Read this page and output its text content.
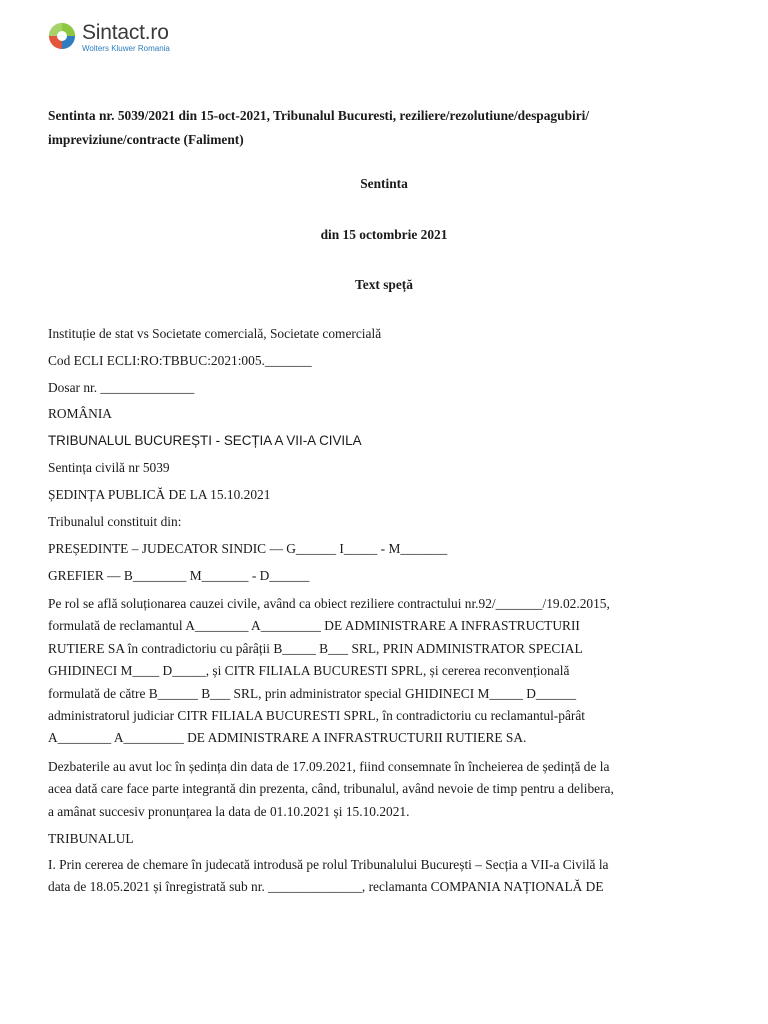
Sintact.ro
Wolters Kluwer Romania
Sentinta nr. 5039/2021 din 15-oct-2021, Tribunalul Bucuresti, reziliere/rezolutiune/despagubiri/
impreviziune/contracte (Faliment)
Sentinta
din 15 octombrie 2021
Text speță
Instituție de stat vs Societate comercială, Societate comercială
Cod ECLI ECLI:RO:TBBUC:2021:005._______
Dosar nr. ______________
ROMÂNIA
TRIBUNALUL BUCUREȘTI - SECȚIA A VII-A CIVILA
Sentința civilă nr 5039
ȘEDINȚA PUBLICĂ DE LA 15.10.2021
Tribunalul constituit din:
PREȘEDINTE – JUDECATOR SINDIC — G______ I_____ - M_______
GREFIER — B________ M_______ - D______
Pe rol se află soluționarea cauzei civile, având ca obiect reziliere contractului nr.92/_______/19.02.2015,
formulată de reclamantul A________ A_________ DE ADMINISTRARE A INFRASTRUCTURII
RUTIERE SA în contradictoriu cu pârâții B_____ B___ SRL, PRIN ADMINISTRATOR SPECIAL
GHIDINECI M____ D_____, și CITR FILIALA BUCURESTI SPRL, și cererea reconvențională
formulată de către B______ B___ SRL, prin administrator special GHIDINECI M_____ D______
administratorul judiciar CITR FILIALA BUCURESTI SPRL, în contradictoriu cu reclamantul-pârât
A________ A_________ DE ADMINISTRARE A INFRASTRUCTURII RUTIERE SA.
Dezbaterile au avut loc în ședința din data de 17.09.2021, fiind consemnate în încheierea de ședință de la
acea dată care face parte integrantă din prezenta, când, tribunalul, având nevoie de timp pentru a delibera,
a amânat succesiv pronunțarea la data de 01.10.2021 și 15.10.2021.
TRIBUNALUL
I. Prin cererea de chemare în judecată introdusă pe rolul Tribunalului București – Secția a VII-a Civilă la
data de 18.05.2021 și înregistrată sub nr. ______________, reclamanta COMPANIA NAȚIONALĂ DE
